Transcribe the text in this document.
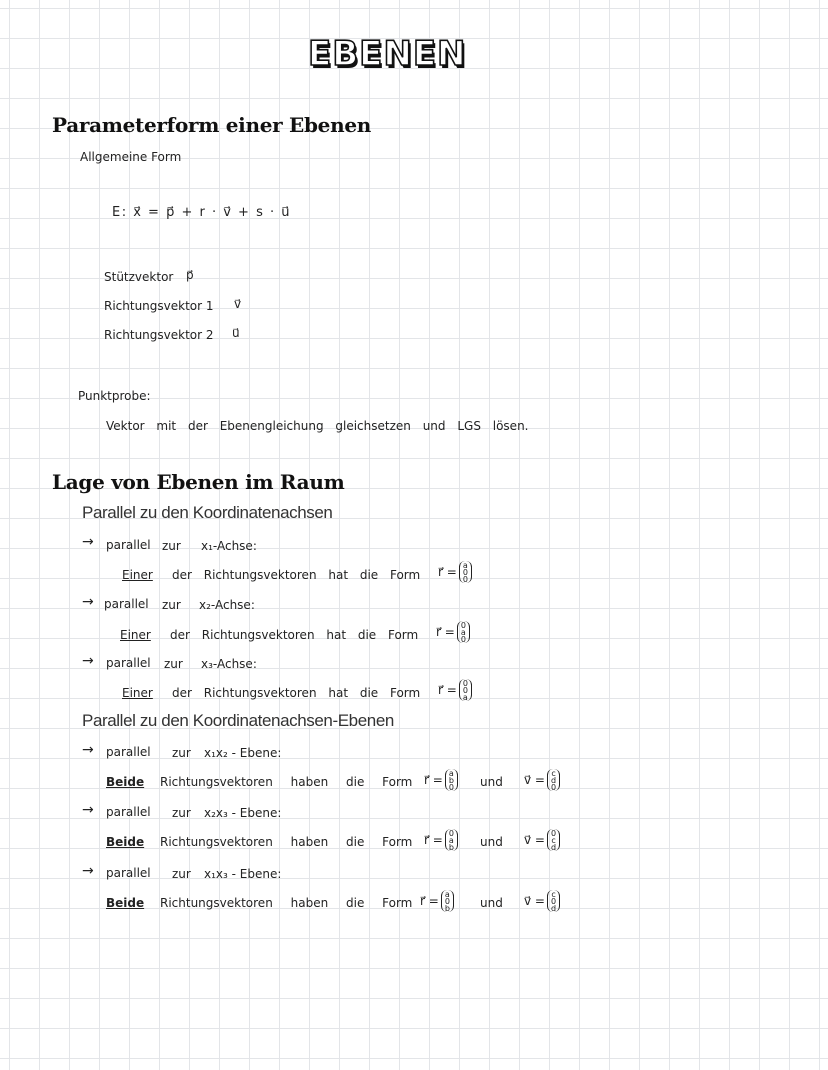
EBENEN
Parameterform einer Ebenen
Allgemeine Form
E: x⃗ = p⃗ + r · v⃗ + s · u⃗
Stützvektor p⃗
Richtungsvektor 1 v⃗
Richtungsvektor 2 u⃗
Punktprobe:
Vektor mit der Ebenengleichung gleichsetzen und LGS lösen.
Lage von Ebenen im Raum
Parallel zu den Koordinatenachsen
→ parallel zur x₁-Achse:
Einer der Richtungsvektoren hat die Form r⃗ = a
0
0
→ parallel zur x₂-Achse:
Einer der Richtungsvektoren hat die Form r⃗ = 0
a
0
→ parallel zur x₃-Achse:
Einer der Richtungsvektoren hat die Form r⃗ = 0
0
a
Parallel zu den Koordinatenachsen-Ebenen
→ parallel zur x₁x₂ - Ebene:
Beide Richtungsvektoren haben die Form r⃗ = a
b
0 und v⃗ = c
d
0
→ parallel zur x₂x₃ - Ebene:
Beide Richtungsvektoren haben die Form r⃗ = 0
a
b und v⃗ = 0
c
d
→ parallel zur x₁x₃ - Ebene:
Beide Richtungsvektoren haben die Form r⃗ = a
0
b	und v⃗ = c
0
d
